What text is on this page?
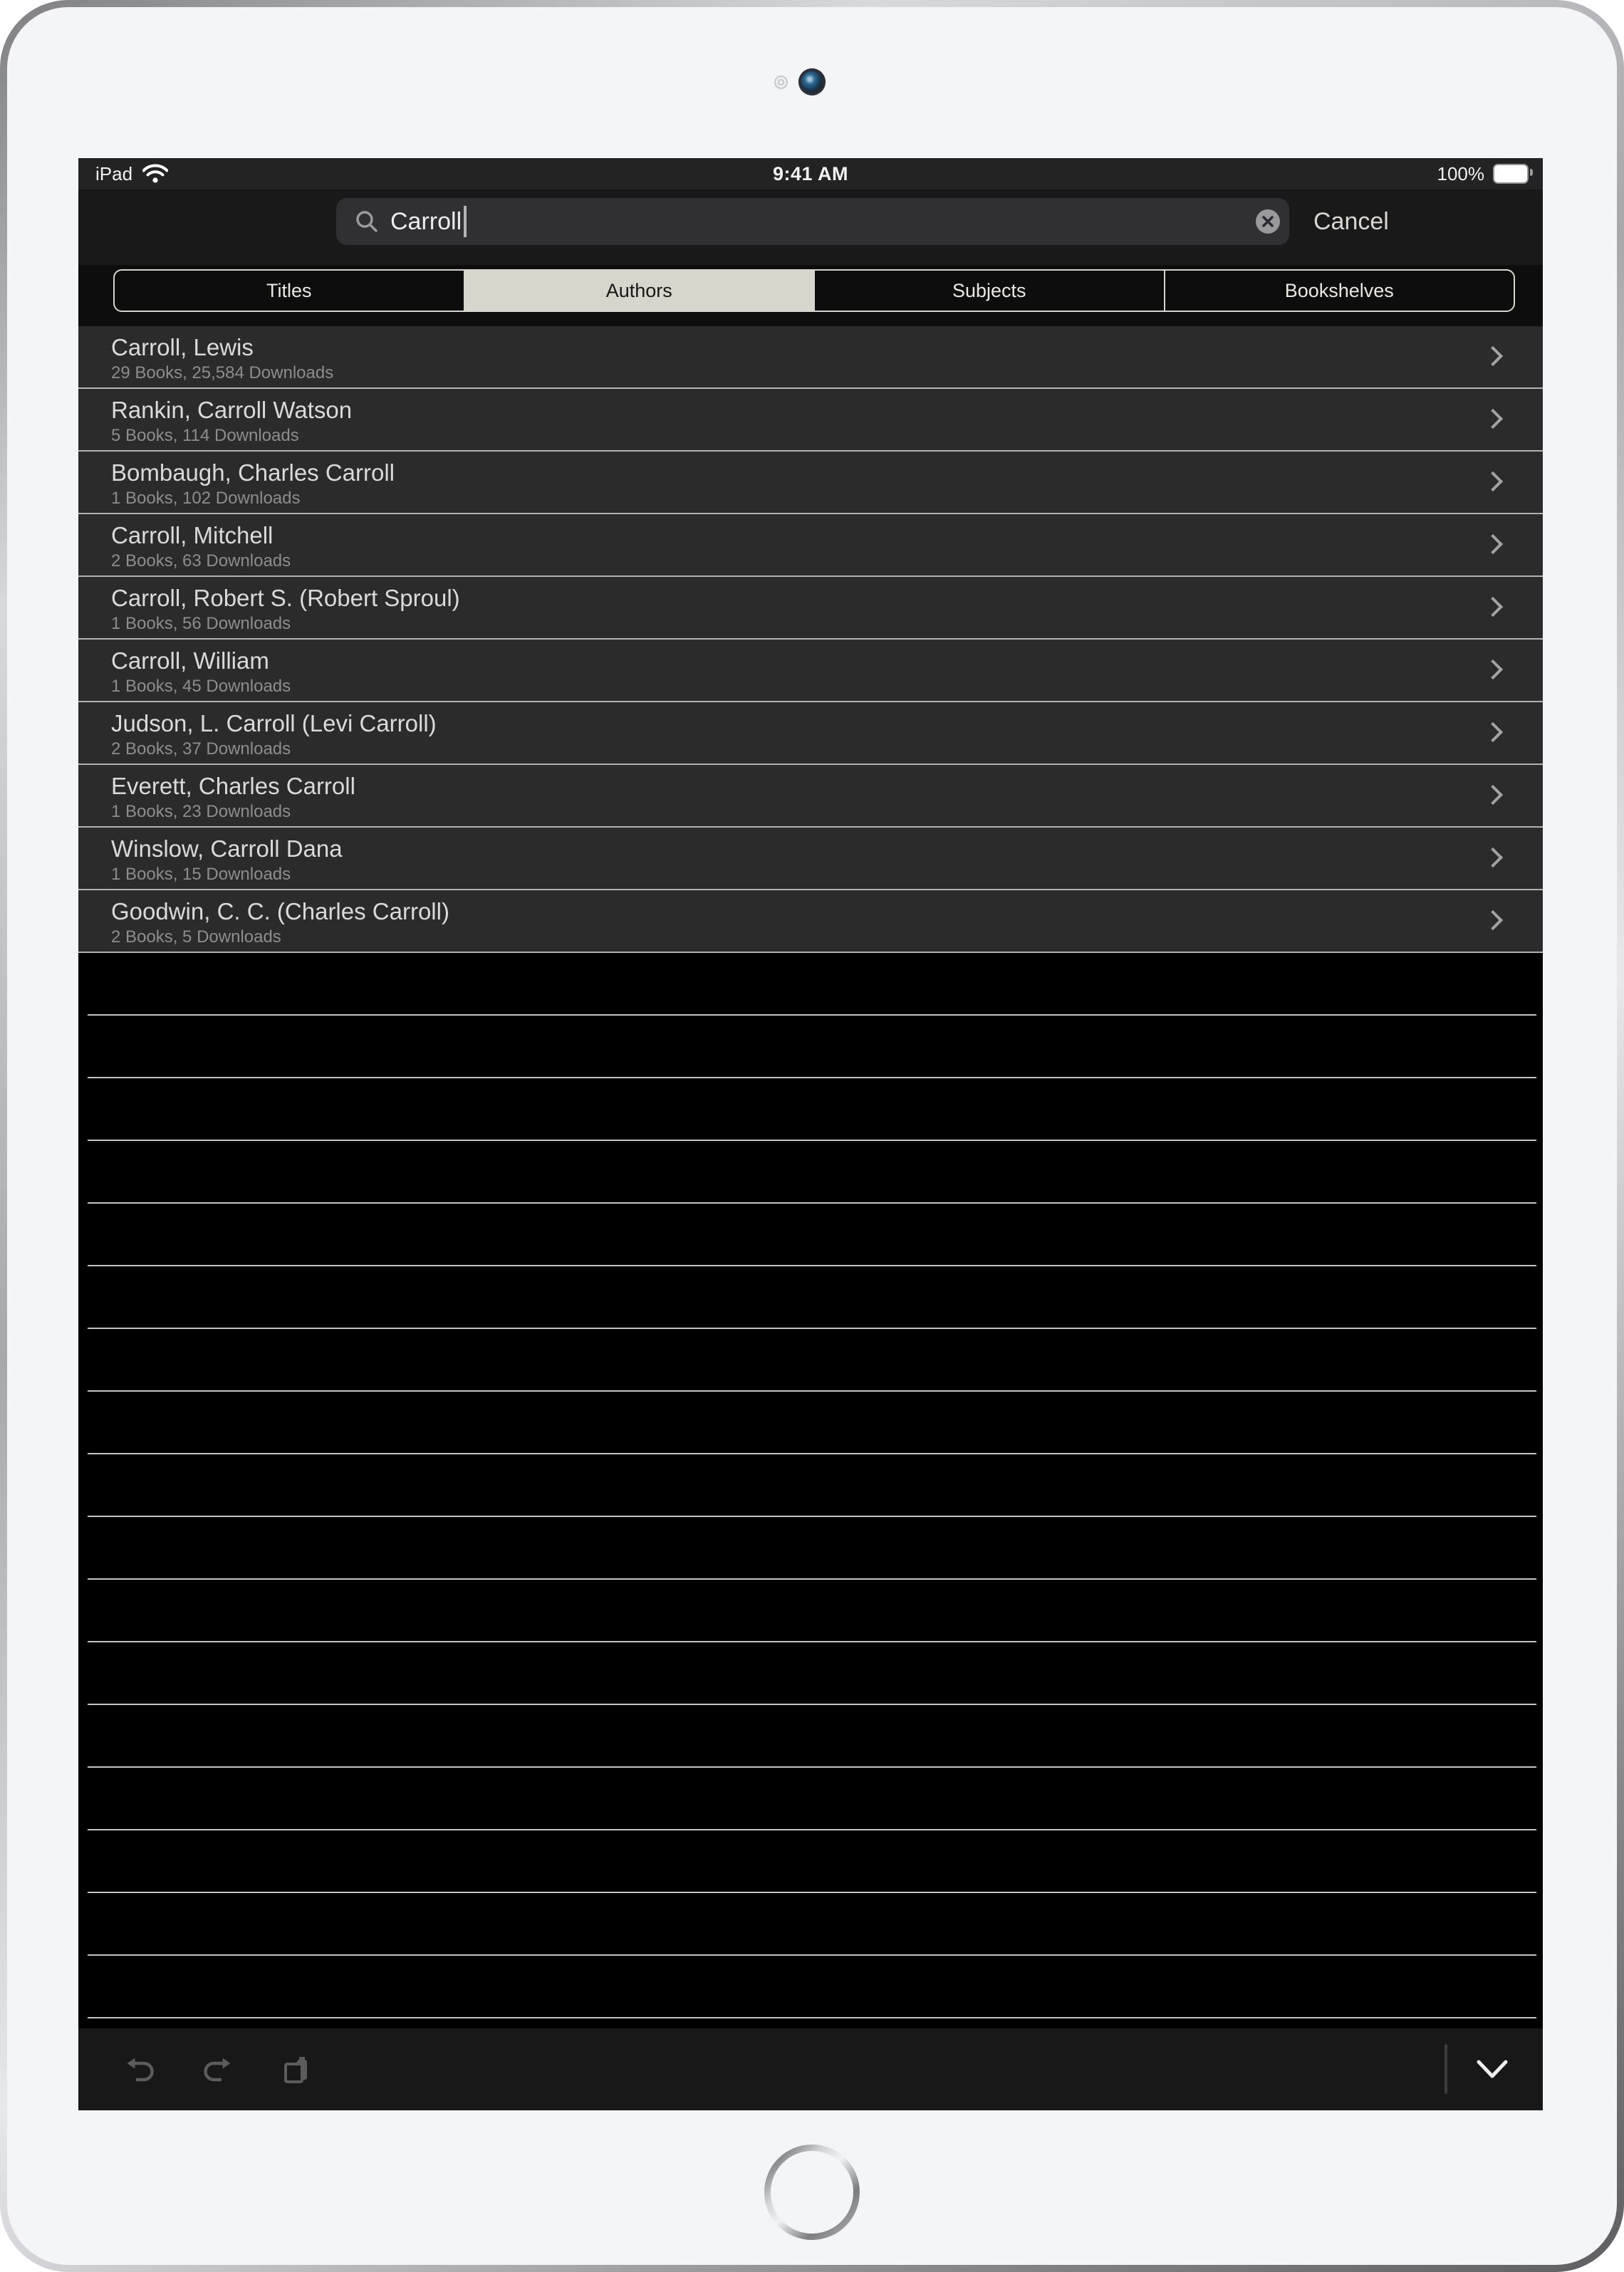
iPad	9:41 AM	100%
Carroll	Cancel
Titles	Authors	Subjects	Bookshelves
Carroll, Lewis
29 Books, 25,584 Downloads
Rankin, Carroll Watson
5 Books, 114 Downloads
Bombaugh, Charles Carroll
1 Books, 102 Downloads
Carroll, Mitchell
2 Books, 63 Downloads
Carroll, Robert S. (Robert Sproul)
1 Books, 56 Downloads
Carroll, William
1 Books, 45 Downloads
Judson, L. Carroll (Levi Carroll)
2 Books, 37 Downloads
Everett, Charles Carroll
1 Books, 23 Downloads
Winslow, Carroll Dana
1 Books, 15 Downloads
Goodwin, C. C. (Charles Carroll)
2 Books, 5 Downloads
